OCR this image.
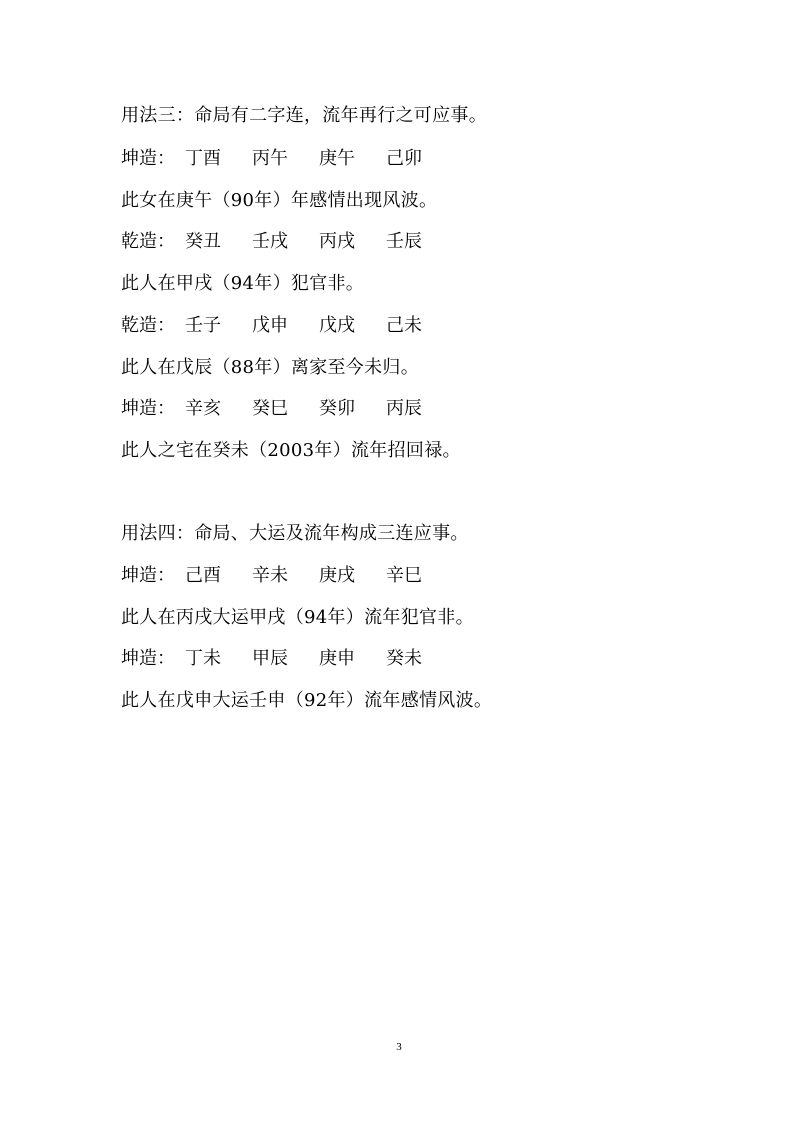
用法三：命局有二字连，流年再行之可应事。
坤造： 丁酉	丙午	庚午	己卯
此女在庚午（90年）年感情出现风波。
乾造： 癸丑	壬戌	丙戌	壬辰
此人在甲戌（94年）犯官非。
乾造： 壬子	戊申	戊戌	己未
此人在戊辰（88年）离家至今未归。
坤造： 辛亥	癸巳	癸卯	丙辰
此人之宅在癸未（2003年）流年招回禄。
用法四：命局、大运及流年构成三连应事。
坤造： 己酉	辛未	庚戌	辛巳
此人在丙戌大运甲戌（94年）流年犯官非。
坤造： 丁未	甲辰	庚申	癸未
此人在戊申大运壬申（92年）流年感情风波。
3
